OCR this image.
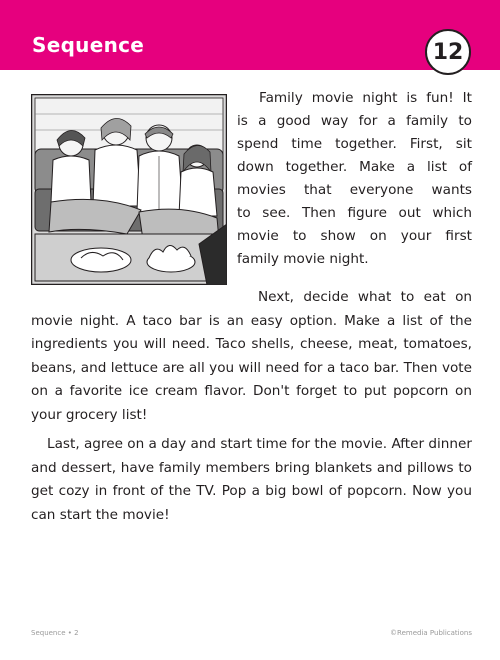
Sequence	12
Family movie night is fun! It
is a good way for a family to
spend time together. First, sit
down together. Make a list of
movies that everyone wants
to see. Then figure out which
movie to show on your first
family movie night.
Next, decide what to eat on movie night. A taco bar is an easy option. Make a list of the ingredients you will need. Taco shells, cheese, meat, tomatoes, beans, and lettuce are all you will need for a taco bar. Then vote on a favorite ice cream flavor. Don't forget to put popcorn on your grocery list!
Last, agree on a day and start time for the movie. After dinner and dessert, have family members bring blankets and pillows to get cozy in front of the TV. Pop a big bowl of popcorn. Now you can start the movie!
Sequence • 2	©Remedia Publications
